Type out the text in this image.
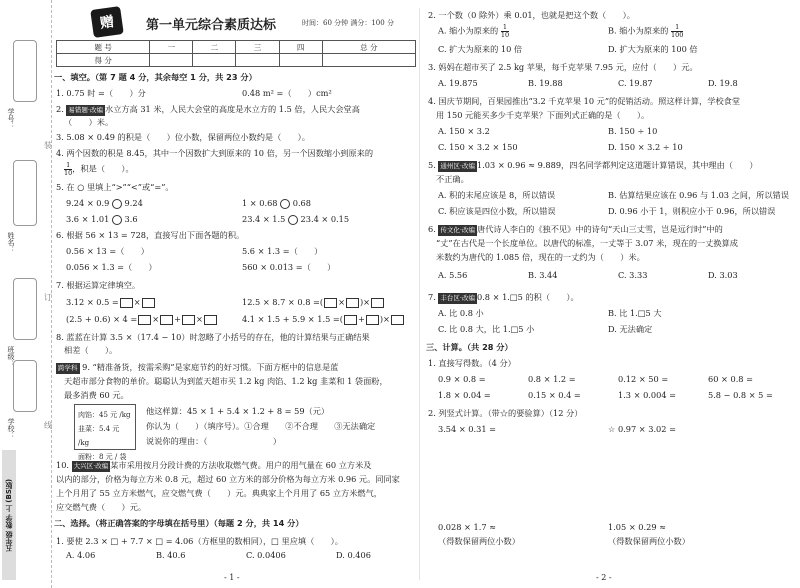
学号：
姓名：
班级：
学校：
装
订
线
五年级 数学 上 (BS版)
赠	第一单元综合素质达标	时间：60 分钟 满分：100 分
题 号	一	二	三	四	总 分
得 分					
一、填空。（第 7 题 4 分，其余每空 1 分，共 23 分）
1. 0.75 时 =（　　）分	0.48 m² =（　　）cm²
2. 易错题·改编 水立方高 31 米，人民大会堂的高度是水立方的 1.5 倍，人民大会堂高
（　　）米。
3. 5.08 × 0.49 的积是（　　）位小数，保留两位小数约是（　　）。
4. 两个因数的积是 8.45，其中一个因数扩大到原来的 10 倍，另一个因数缩小到原来的
$\frac{1}{10}$ ，积是（　　）。
5. 在 ○ 里填上“>”“<”或“=”。
9.24 × 0.9 9.24	1 × 0.68 0.68
3.6 × 1.01 3.6	23.4 × 1.5 23.4 × 0.15
6. 根据 56 × 13 = 728，直接写出下面各题的积。
0.56 × 13 =（　　）	5.6 × 1.3 =（　　）
0.056 × 1.3 =（　　）	560 × 0.013 =（　　）
7. 根据运算定律填空。
3.12 × 0.5 = ×	12.5 × 8.7 × 0.8 =( × )×
(2.5 + 0.6) × 4 = × + ×	4.1 × 1.5 + 5.9 × 1.5 =( + )×
8. 蓝蓝在计算 3.5 ×（17.4 − 10）时忽略了小括号的存在，他的计算结果与正确结果
相差（　　）。
跨学科 9. “精准备货，按需采购”是家庭节约的好习惯。下面方框中的信息是蓝
天超市部分食物的单价。聪聪认为到蓝天超市买 1.2 kg 肉馅、1.2 kg 韭菜和 1 袋面粉，
最多消费 60 元。
肉馅：45 元 /kg
韭菜：5.4 元 /kg
面粉：8 元 / 袋
他这样算：45 × 1 + 5.4 × 1.2 + 8 = 59（元）
你认为（　　）（填序号）。①合理　　②不合理　　③无法确定
说说你的理由：（　　　　　　　　）
10. 大兴区·改编 某市采用按月分段计费的方法收取燃气费。用户的用气量在 60 立方米及
以内的部分，价格为每立方米 0.8 元，超过 60 立方米的部分价格为每立方米 0.96 元。同同家
上个月用了 55 立方米燃气，应交燃气费（　　）元。典典家上个月用了 65 立方米燃气，
应交燃气费（　　）元。
二、选择。（将正确答案的字母填在括号里）（每题 2 分，共 14 分）
1. 要使 2.3 × □ + 7.7 × □ = 4.06（方框里的数相同），□ 里应填（　　）。
A. 4.06	B. 40.6	C. 0.0406	D. 0.406
- 1 -
2. 一个数（0 除外）乘 0.01，也就是把这个数（　　）。
A. 缩小为原来的 $\frac{1}{10}$	B. 缩小为原来的 $\frac{1}{100}$
C. 扩大为原来的 10 倍	D. 扩大为原来的 100 倍
3. 妈妈在超市买了 2.5 kg 苹果，每千克苹果 7.95 元，应付（　　）元。
A. 19.875	B. 19.88	C. 19.87	D. 19.8
4. 国庆节期间，百果园推出“3.2 千克苹果 10 元”的促销活动。照这样计算，学校食堂
用 150 元能买多少千克苹果？下面列式正确的是（　　）。
A. 150 × 3.2	B. 150 ÷ 10
C. 150 × 3.2 × 150	D. 150 × 3.2 ÷ 10
5. 通州区·改编 1.03 × 0.96 ≈ 9.889，四名同学都判定这道题计算错误，其中理由（　　）
不正确。
A. 积的末尾应该是 8，所以错误	B. 估算结果应该在 0.96 与 1.03 之间，所以错误
C. 积应该是四位小数，所以错误	D. 0.96 小于 1，则积应小于 0.96，所以错误
6. 传文化·改编 唐代诗人李白的《独不见》中的诗句“天山三丈雪，岂是远行时”中的
“丈”在古代是一个长度单位。以唐代的标准，一丈等于 3.07 米，现在的一丈换算成
米数约为唐代的 1.085 倍，现在的一丈约为（　　）米。
A. 5.56	B. 3.44	C. 3.33	D. 3.03
7. 丰台区·改编 0.8 × 1.□5 的积（　　）。
A. 比 0.8 小	B. 比 1.□5 大
C. 比 0.8 大，比 1.□5 小	D. 无法确定
三、计算。（共 28 分）
1. 直接写得数。（4 分）
0.9 × 0.8 =	0.8 × 1.2 =	0.12 × 50 =	60 × 0.8 =
1.8 × 0.04 =	0.15 × 0.4 =	1.3 × 0.004 =	5.8 − 0.8 × 5 =
2. 列竖式计算。（带☆的要验算）（12 分）
3.54 × 0.31 =	☆ 0.97 × 3.02 =
0.028 × 1.7 ≈	1.05 × 0.29 ≈
（得数保留两位小数）	（得数保留两位小数）
- 2 -
